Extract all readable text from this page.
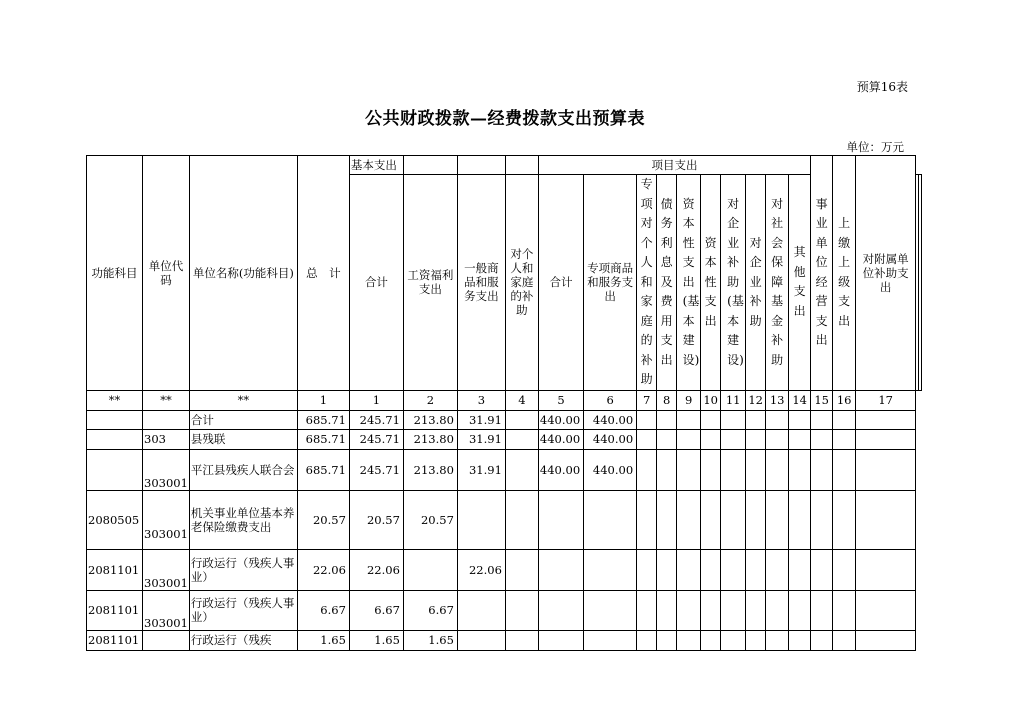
预算16表
公共财政拨款—经费拨款支出预算表
单位：万元
功能科目	单位代码	单位名称(功能科目)	总　计	基本支出				项目支出										事业单位经营支出	上缴上级支出	对附属单位补助支出		
				合计	工资福利支出	一般商品和服务支出	对个人和家庭的补助	合计	专项商品和服务支出	专项对个人和家庭的补助	债务利息及费用支出	资本性支出(基本建设)	资本性支出	对企业补助(基本建设)	对企业补助	对社会保障基金补助	其他支出					

**	**	**	1	1	2	3	4	5	6	7	8	9	10	11	12	13	14	15	16	17		
		合计	685.71	245.71	213.80	31.91		440.00	440.00													
	303	县残联	685.71	245.71	213.80	31.91		440.00	440.00													
	303001	平江县残疾人联合会	685.71	245.71	213.80	31.91		440.00	440.00													
2080505	303001	机关事业单位基本养老保险缴费支出	20.57	20.57	20.57																	
2081101	303001	行政运行（残疾人事业）	22.06	22.06		22.06																
2081101	303001	行政运行（残疾人事业）	6.67	6.67	6.67																	
2081101		行政运行（残疾	1.65	1.65	1.65																	
